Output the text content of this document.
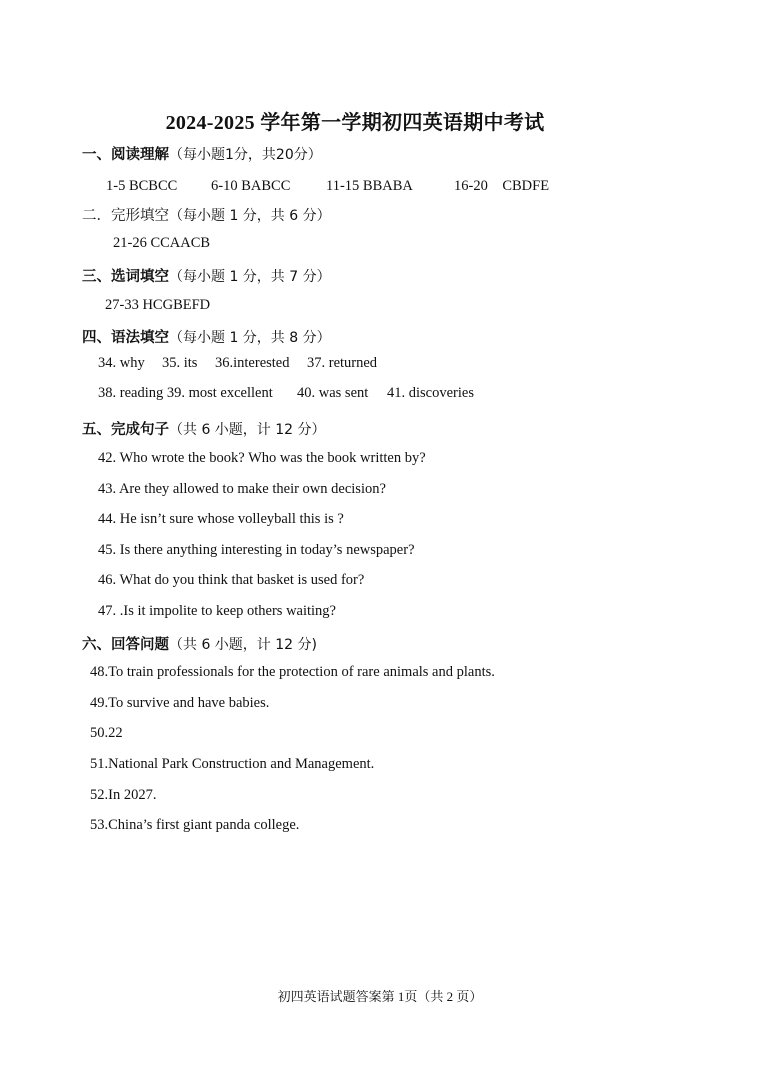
2024-2025 学年第一学期初四英语期中考试
一、阅读理解（每小题1分，共20分）
1-5 BCBCC 6-10 BABCC 11-15 BBABA	16-20　CBDFE
二．完形填空（每小题 1 分，共 6 分）
21-26 CCAACB
三、选词填空（每小题 1 分，共 7 分）
27-33 HCGBEFD
四、语法填空（每小题 1 分，共 8 分）
34. why 35. its 36.interested 37. returned
38. reading 39. most excellent 40. was sent 41. discoveries
五、完成句子（共 6 小题，计 12 分）
42. Who wrote the book? Who was the book written by?
43. Are they allowed to make their own decision?
44. He isn’t sure whose volleyball this is ?
45. Is there anything interesting in today’s newspaper?
46. What do you think that basket is used for?
47. .Is it impolite to keep others waiting?
六、回答问题（共 6 小题，计 12 分)
48.To train professionals for the protection of rare animals and plants.
49.To survive and have babies.
50.22
51.National Park Construction and Management.
52.In 2027.
53.China’s first giant panda college.
初四英语试题答案第 1页（共 2 页）
